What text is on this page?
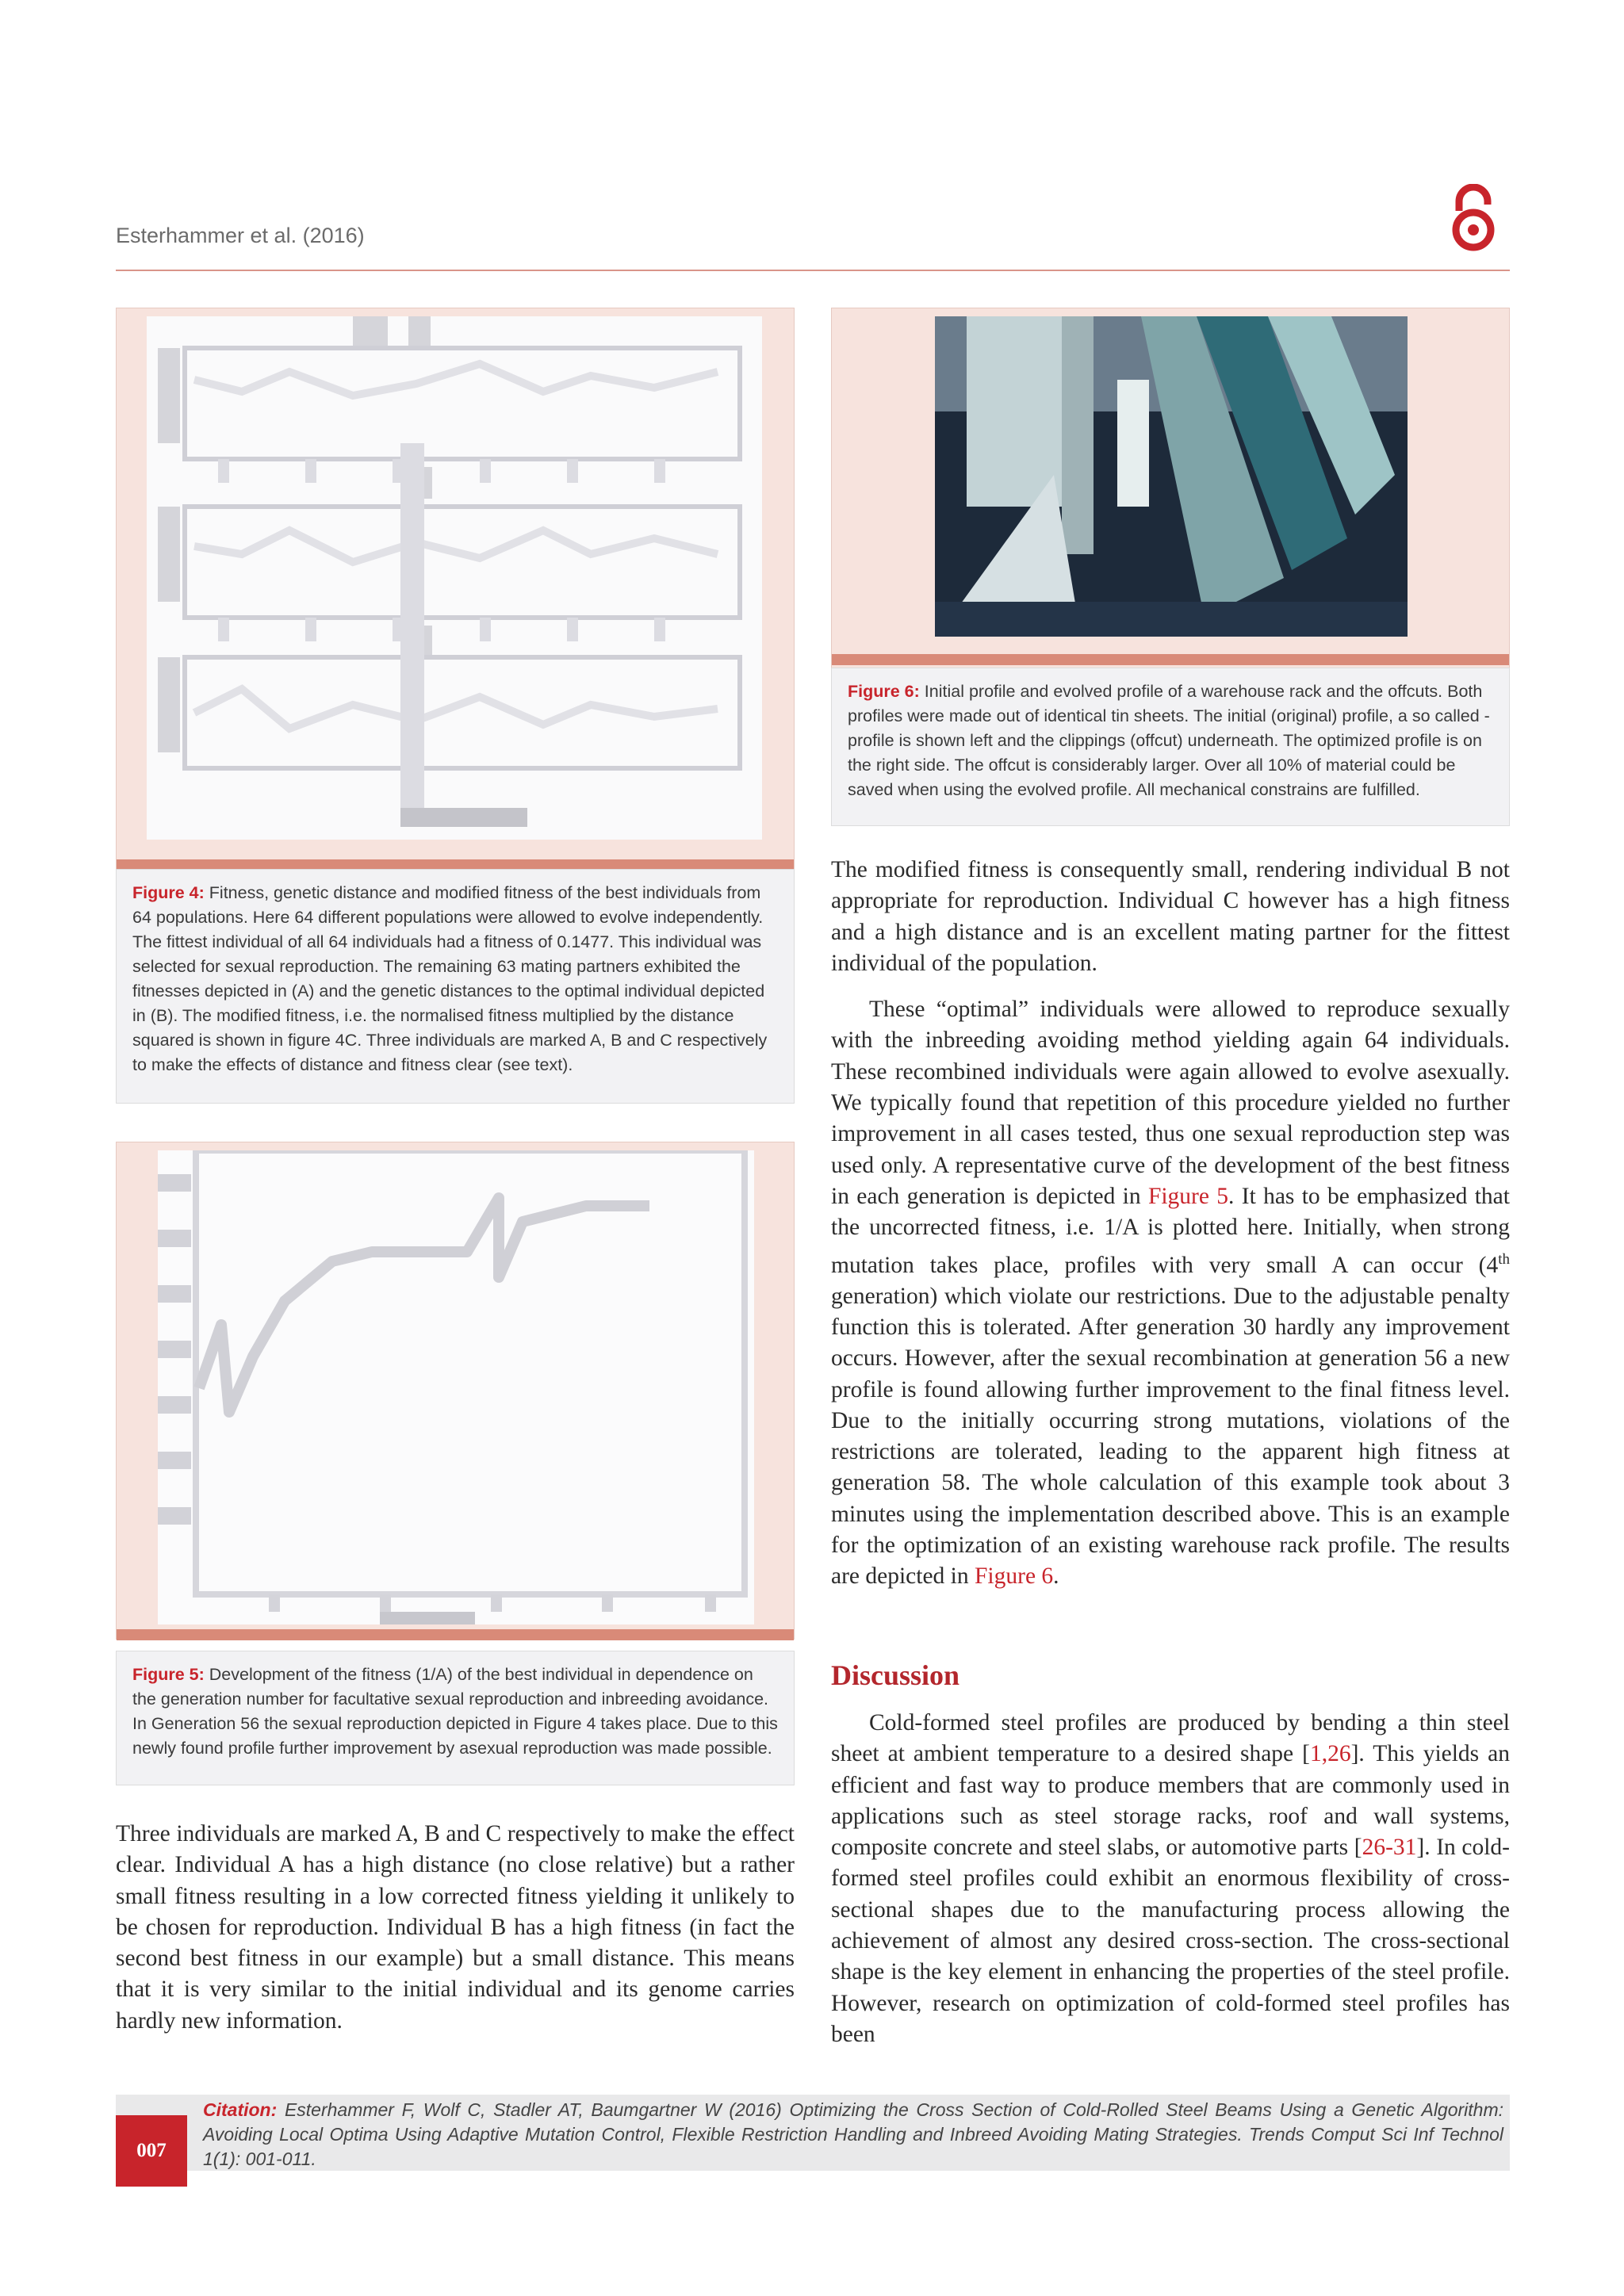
Esterhammer et al. (2016)
Figure 4: Fitness, genetic distance and modified fitness of the best individuals from 64 populations. Here 64 different populations were allowed to evolve independently. The fittest individual of all 64 individuals had a fitness of 0.1477. This individual was selected for sexual reproduction. The remaining 63 mating partners exhibited the fitnesses depicted in (A) and the genetic distances to the optimal individual depicted in (B). The modified fitness, i.e. the normalised fitness multiplied by the distance squared is shown in figure 4C. Three individuals are marked A, B and C respectively to make the effects of distance and fitness clear (see text).
Figure 5: Development of the fitness (1/A) of the best individual in dependence on the generation number for facultative sexual reproduction and inbreeding avoidance. In Generation 56 the sexual reproduction depicted in Figure 4 takes place. Due to this newly found profile further improvement by asexual reproduction was made possible.

Three individuals are marked A, B and C respectively to make the effect clear. Individual A has a high distance (no close relative) but a rather small fitness resulting in a low corrected fitness yielding it unlikely to be chosen for reproduction. Individual B has a high fitness (in fact the second best fitness in our example) but a small distance. This means that it is very similar to the initial individual and its genome carries hardly new information.

Figure 6: Initial profile and evolved profile of a warehouse rack and the offcuts. Both profiles were made out of identical tin sheets. The initial (original) profile, a so called - profile is shown left and the clippings (offcut) underneath. The optimized profile is on the right side. The offcut is considerably larger. Over all 10% of material could be saved when using the evolved profile. All mechanical constrains are fulfilled.

The modified fitness is consequently small, rendering individual B not appropriate for reproduction. Individual C however has a high fitness and a high distance and is an excellent mating partner for the fittest individual of the population.

These “optimal” individuals were allowed to reproduce sexually with the inbreeding avoiding method yielding again 64 individuals. These recombined individuals were again allowed to evolve asexually. We typically found that repetition of this procedure yielded no further improvement in all cases tested, thus one sexual reproduction step was used only. A representative curve of the development of the best fitness in each generation is depicted in Figure 5. It has to be emphasized that the uncorrected fitness, i.e. 1/A is plotted here. Initially, when strong mutation takes place, profiles with very small A can occur (4th generation) which violate our restrictions. Due to the adjustable penalty function this is tolerated. After generation 30 hardly any improvement occurs. However, after the sexual recombination at generation 56 a new profile is found allowing further improvement to the final fitness level. Due to the initially occurring strong mutations, violations of the restrictions are tolerated, leading to the apparent high fitness at generation 58. The whole calculation of this example took about 3 minutes using the implementation described above. This is an example for the optimization of an existing warehouse rack profile. The results are depicted in Figure 6.

Discussion

Cold-formed steel profiles are produced by bending a thin steel sheet at ambient temperature to a desired shape [1,26]. This yields an efficient and fast way to produce members that are commonly used in applications such as steel storage racks, roof and wall systems, composite concrete and steel slabs, or automotive parts [26-31]. In cold-formed steel profiles could exhibit an enormous flexibility of cross-sectional shapes due to the manufacturing process allowing the achievement of almost any desired cross-section. The cross-sectional shape is the key element in enhancing the properties of the steel profile. However, research on optimization of cold-formed steel profiles has been

007
Citation: Esterhammer F, Wolf C, Stadler AT, Baumgartner W (2016) Optimizing the Cross Section of Cold-Rolled Steel Beams Using a Genetic Algorithm: Avoiding Local Optima Using Adaptive Mutation Control, Flexible Restriction Handling and Inbreed Avoiding Mating Strategies. Trends Comput Sci Inf Technol 1(1): 001-011.
